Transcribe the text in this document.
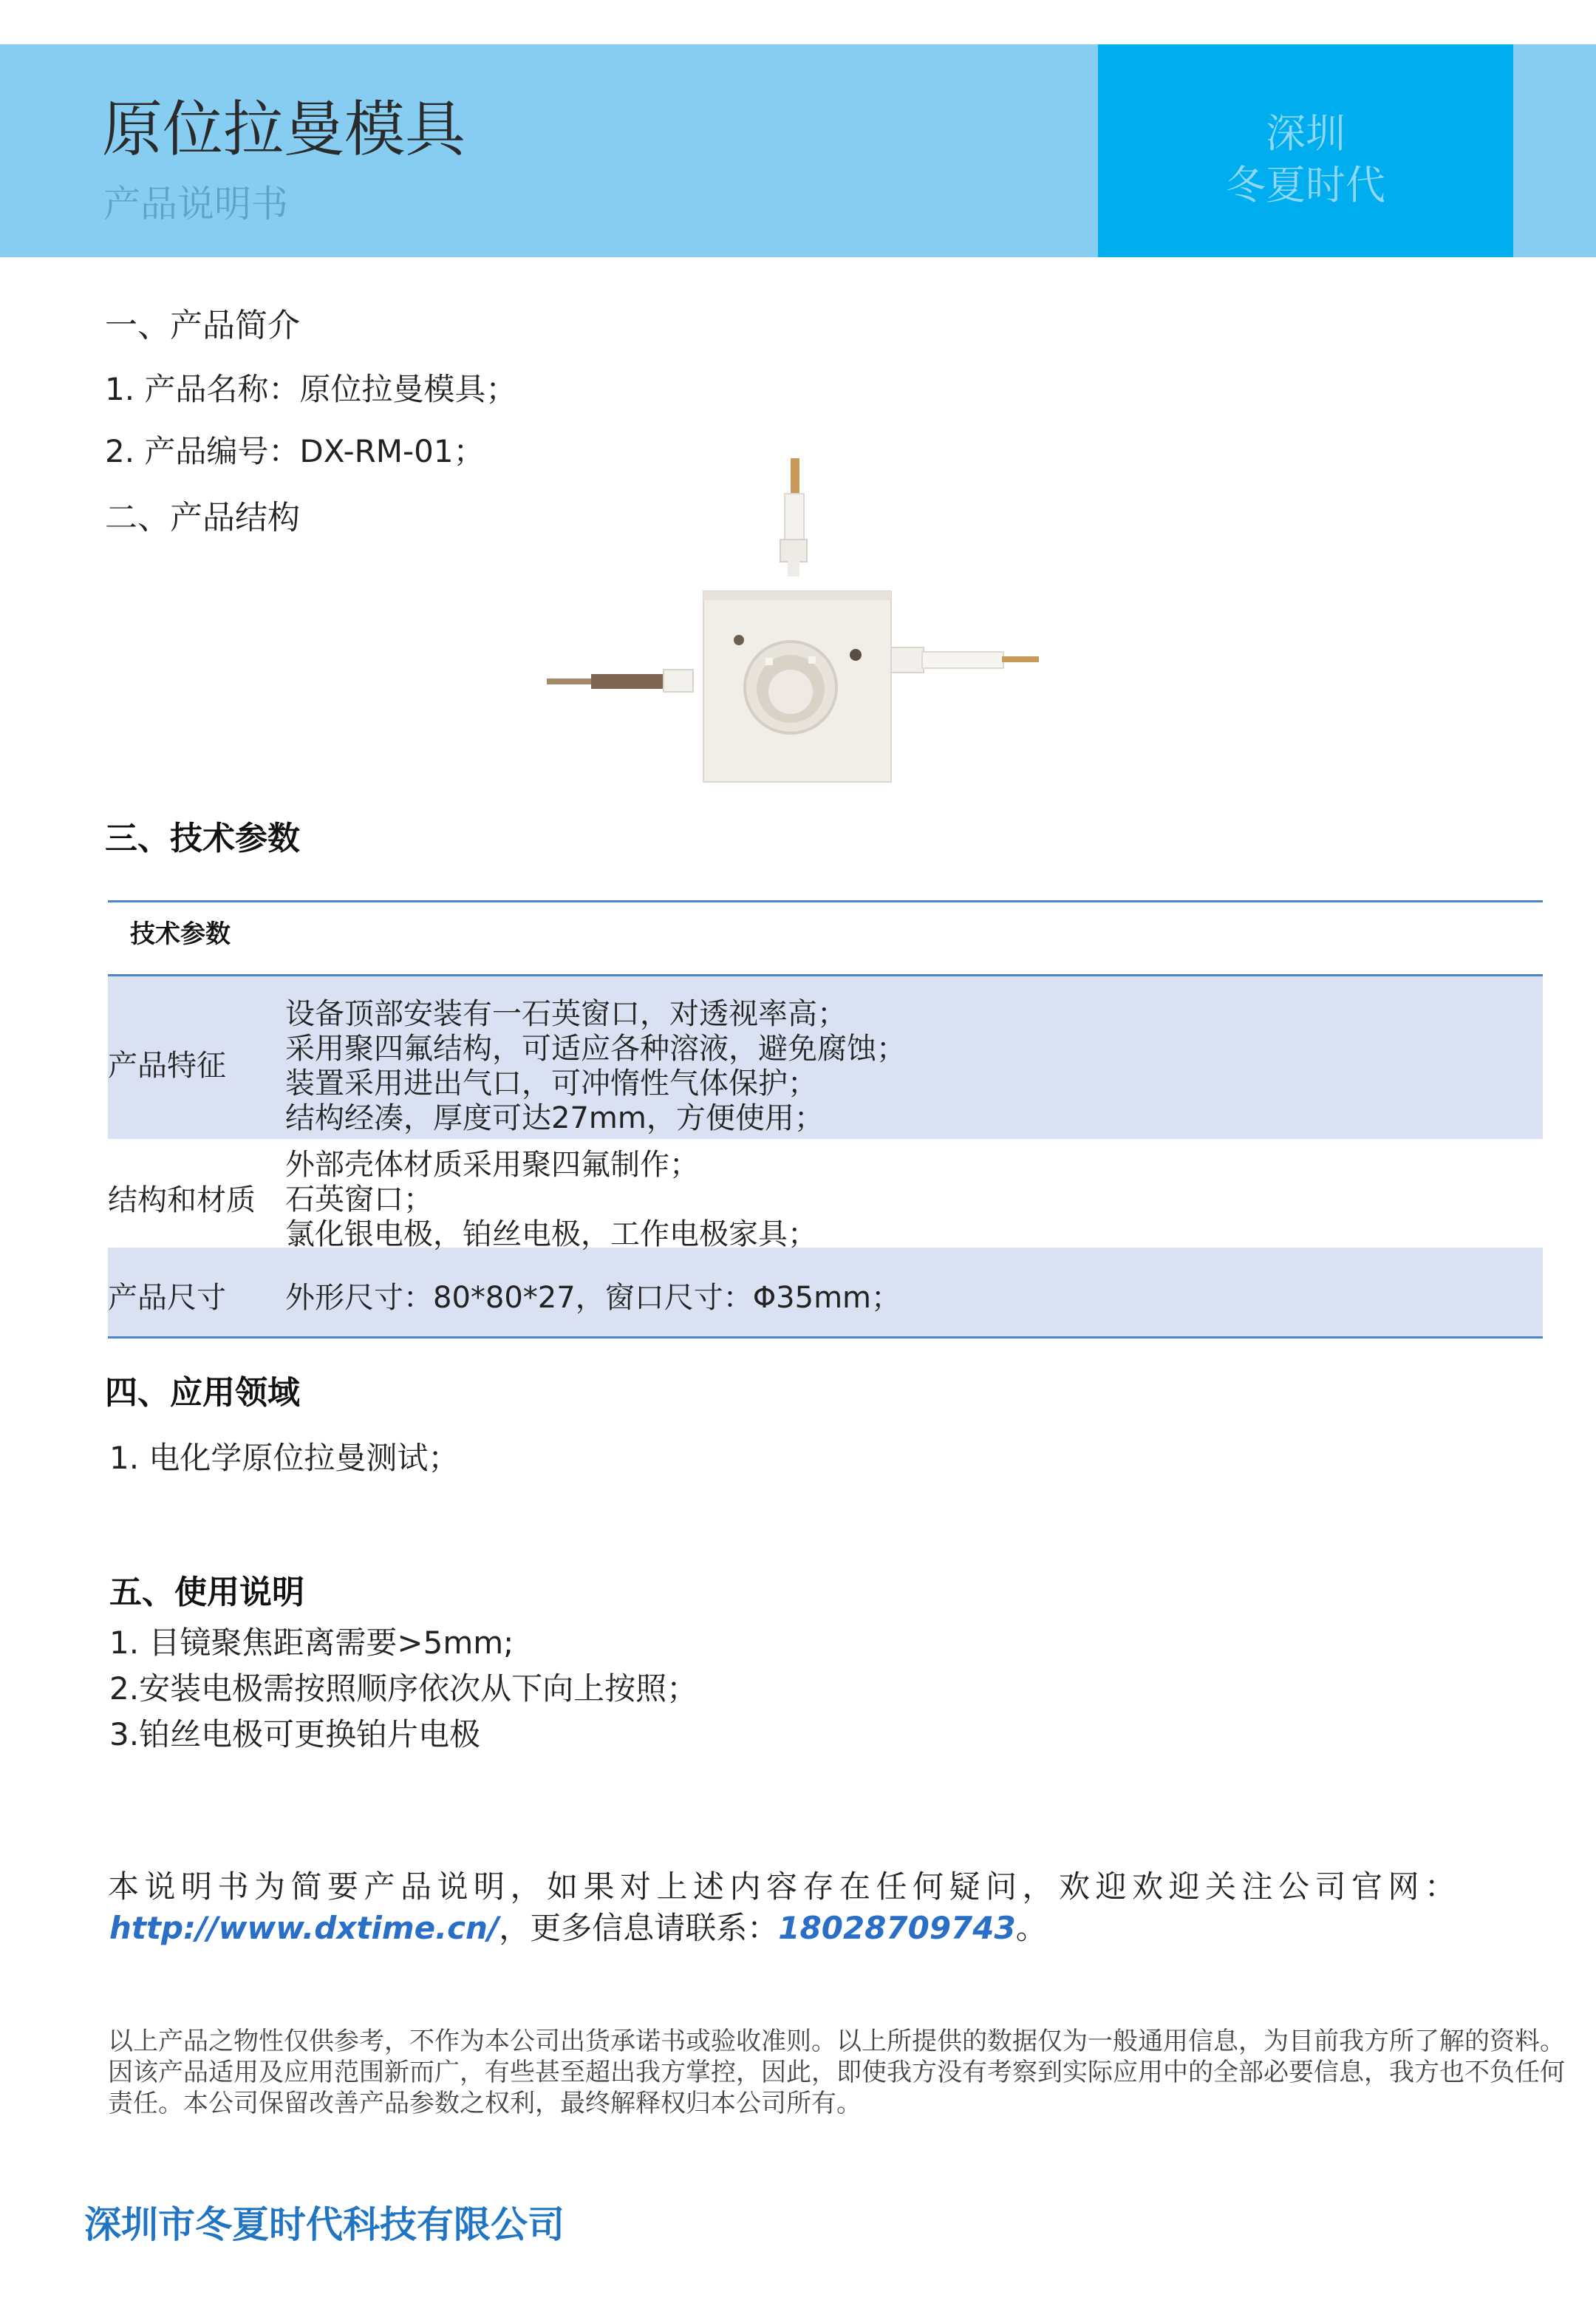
原位拉曼模具
产品说明书
深圳
冬夏时代
一、产品简介
1. 产品名称：原位拉曼模具；
2. 产品编号：DX-RM-01；
二、产品结构
三、技术参数
技术参数
产品特征
设备顶部安装有一石英窗口，对透视率高；
采用聚四氟结构，可适应各种溶液，避免腐蚀；
装置采用进出气口，可冲惰性气体保护；
结构经凑，厚度可达27mm，方便使用；
结构和材质
外部壳体材质采用聚四氟制作；
石英窗口；
氯化银电极，铂丝电极，工作电极家具；
产品尺寸 外形尺寸：80*80*27，窗口尺寸：Φ35mm；
四、应用领域
1. 电化学原位拉曼测试；
五、使用说明
1. 目镜聚焦距离需要>5mm;
2.安装电极需按照顺序依次从下向上按照；
3.铂丝电极可更换铂片电极
本说明书为简要产品说明，如果对上述内容存在任何疑问，欢迎欢迎关注公司官网：
http://www.dxtime.cn/，更多信息请联系：18028709743。
以上产品之物性仅供参考，不作为本公司出货承诺书或验收准则。以上所提供的数据仅为一般通用信息，为目前我方所了解的资料。
因该产品适用及应用范围新而广，有些甚至超出我方掌控，因此，即使我方没有考察到实际应用中的全部必要信息，我方也不负任何
责任。本公司保留改善产品参数之权利，最终解释权归本公司所有。
深圳市冬夏时代科技有限公司
